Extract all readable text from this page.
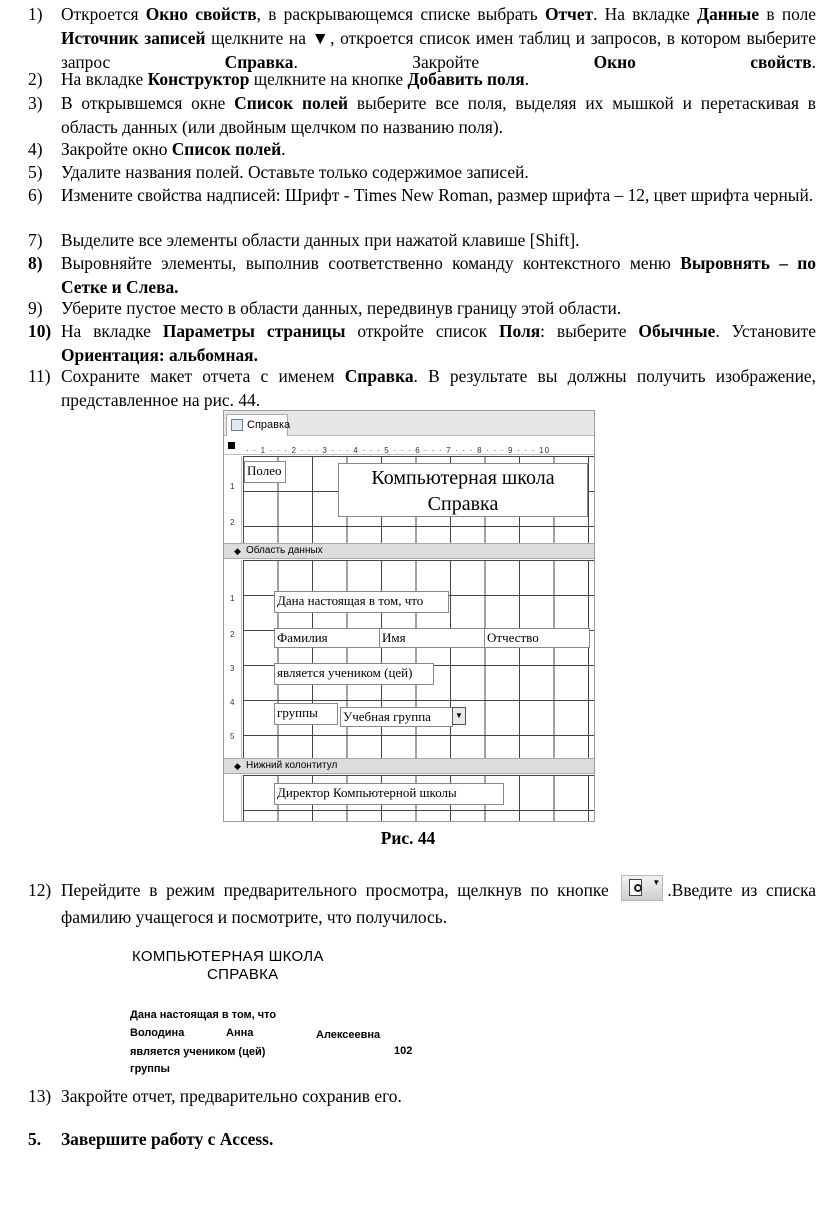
1)	Откроется Окно свойств, в раскрывающемся списке выбрать Отчет. На вкладке Данные в поле Источник записей щелкните на ▼, откроется список имен таблиц и запросов, в котором выберите запрос Справка. Закройте Окно свойств.
2)	На вкладке Конструктор щелкните на кнопке Добавить поля.
3)	В открывшемся окне Список полей выберите все поля, выделяя их мышкой и перетаскивая в область данных (или двойным щелчком по названию поля).
4)	Закройте окно Список полей.
5)	Удалите названия полей. Оставьте только содержимое записей.
6)	Измените свойства надписей: Шрифт - Times New Roman, размер шрифта – 12, цвет шрифта черный.
7)	Выделите все элементы области данных при нажатой клавише [Shift].
8)	Выровняйте элементы, выполнив соответственно команду контекстного меню Выровнять – по Сетке и Слева.
9)	Уберите пустое место в области данных, передвинув границу этой области.
10) На вкладке Параметры страницы откройте список Поля: выберите Обычные. Установите Ориентация: альбомная.
11) Сохраните макет отчета с именем Справка. В результате вы должны получить изображение, представленное на рис. 44.
Справка
· · 1 · · · 2 · · · 3 · · · 4 · · · 5 · · · 6 · · · 7 · · · 8 · · · 9 · · · 10
1
2
Полео	Компьютерная школа
Справка
◆ Область данных
1
2
3
4
5
Дана настоящая в том, что
Фамилия	Имя	Отчество
является учеником (цей)
группы	Учебная группа	▼
◆ Нижний колонтитул
Директор Компьютерной школы
Рис. 44
12) Перейдите в режим предварительного просмотра, щелкнув по кнопке	▼ .Введите из списка фамилию учащегося и посмотрите, что получилось.
КОМПЬЮТЕРНАЯ ШКОЛА
СПРАВКА
Дана настоящая в том, что
Володина	Анна	Алексеевна
является учеником (цей)	102
группы
13) Закройте отчет, предварительно сохранив его.
5.	Завершите работу с Access.
